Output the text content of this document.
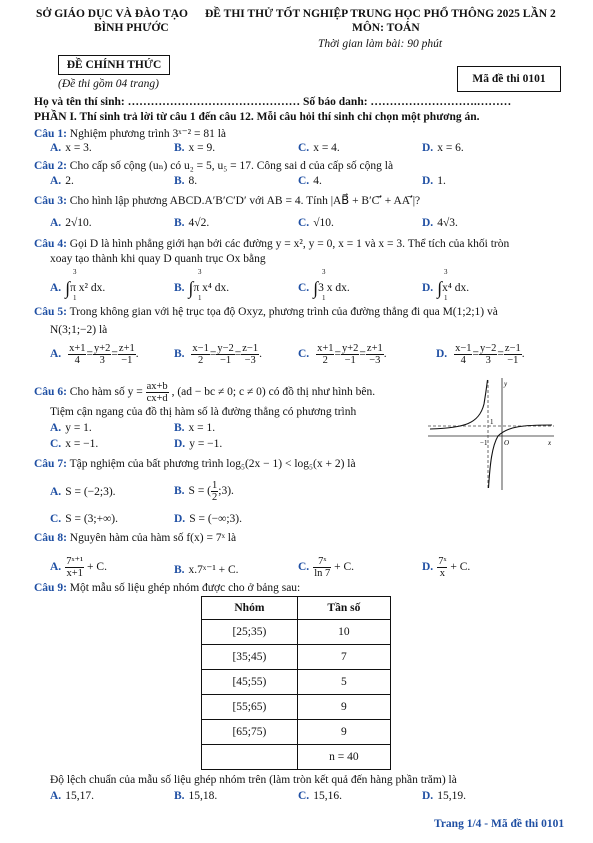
SỞ GIÁO DỤC VÀ ĐÀO TẠO
BÌNH PHƯỚC
ĐỀ THI THỬ TỐT NGHIỆP TRUNG HỌC PHỔ THÔNG 2025 LẦN 2
MÔN: TOÁN
Thời gian làm bài: 90 phút
ĐỀ CHÍNH THỨC
(Đề thi gồm 04 trang)	Mã đề thi 0101
Họ và tên thí sinh: ……………………………………… Số báo danh: ……………………….………
PHẦN I. Thí sinh trả lời từ câu 1 đến câu 12. Mỗi câu hỏi thí sinh chỉ chọn một phương án.
Câu 1: Nghiệm phương trình 3ˣ⁻² = 81 là
A. x = 3.	B. x = 9.	C. x = 4.	D. x = 6.
Câu 2: Cho cấp số cộng (uₙ) có u₂ = 5, u₅ = 17. Công sai d của cấp số cộng là
A. 2.	B. 8.	C. 4.	D. 1.
Câu 3: Cho hình lập phương ABCD.A′B′C′D′ với AB = 4. Tính |AB⃗ + B′C′⃗ + AA′⃗|?
A. 2√10.	B. 4√2.	C. √10.	D. 4√3.
Câu 4: Gọi D là hình phẳng giới hạn bởi các đường y = x², y = 0, x = 1 và x = 3. Thể tích của khối tròn
xoay tạo thành khi quay D quanh trục Ox bằng
A. ∫π x² dx.	B. ∫π x⁴ dx.	C. ∫3 x dx.	D. ∫x⁴ dx.
3
1
3
1
3
1
3
1
Câu 5: Trong không gian với hệ trục tọa độ Oxyz, phương trình của đường thẳng đi qua M(1;2;1) và
N(3;1;−2) là
A. $\frac{x+1}{4} = \frac{y+2}{3} = \frac{z+1}{-1}$ .	B. $\frac{x-1}{2} = \frac{y-2}{-1} = \frac{z-1}{-3}$ .	C. $\frac{x+1}{2} = \frac{y+2}{-1} = \frac{z+1}{-3}$ .	D. $\frac{x-1}{4} = \frac{y-2}{3} = \frac{z-1}{-1}$ .
Câu 6: Cho hàm số $y = \frac{ax+b}{cx+d}$ , (ad − bc ≠ 0; c ≠ 0) có đồ thị như hình bên.
Tiệm cận ngang của đồ thị hàm số là đường thẳng có phương trình
A. y = 1.	B. x = 1.
C. x = −1.	D. y = −1.
y
x
O
1
−1
Câu 7: Tập nghiệm của bất phương trình log₅(2x − 1) < log₅(x + 2) là
A. S = (−2;3).	B. S = ( $\frac{1}{2}$ ;3).
C. S = (3;+∞).	D. S = (−∞;3).
Câu 8: Nguyên hàm của hàm số f(x) = 7ˣ là
A. $\frac{\text{7ˣ⁺¹}}{x+1} + C$.	B. x.7ˣ⁻¹ + C.	C. $\frac{\text{7ˣ}}{\ln 7} + C$.	D. $\frac{\text{7ˣ}}{x} + C$.
Câu 9: Một mẫu số liệu ghép nhóm được cho ở bảng sau:
Nhóm	Tần số
[25;35)	10
[35;45)	7
[45;55)	5
[55;65)	9
[65;75)	9
	n = 40
Độ lệch chuẩn của mẫu số liệu ghép nhóm trên (làm tròn kết quả đến hàng phần trăm) là
A. 15,17.	B. 15,18.	C. 15,16.	D. 15,19.
Trang 1/4 - Mã đề thi 0101
